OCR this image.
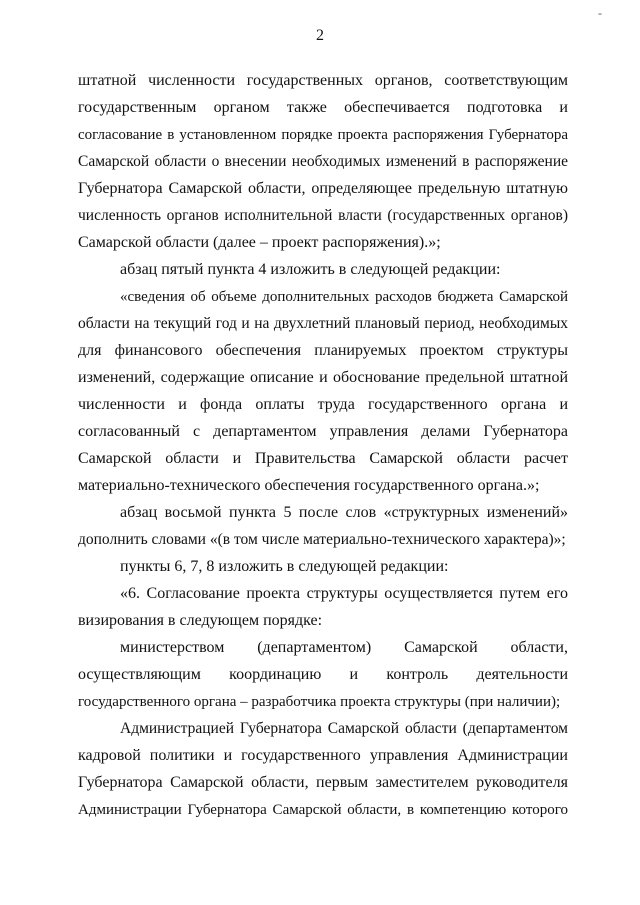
2
-
штатной численности государственных органов, соответствующим
государственным органом также обеспечивается подготовка и
согласование в установленном порядке проекта распоряжения Губернатора
Самарской области о внесении необходимых изменений в распоряжение
Губернатора Самарской области, определяющее предельную штатную
численность органов исполнительной власти (государственных органов)
Самарской области (далее – проект распоряжения).»;
абзац пятый пункта 4 изложить в следующей редакции:
«сведения об объеме дополнительных расходов бюджета Самарской
области на текущий год и на двухлетний плановый период, необходимых
для финансового обеспечения планируемых проектом структуры
изменений, содержащие описание и обоснование предельной штатной
численности и фонда оплаты труда государственного органа и
согласованный с департаментом управления делами Губернатора
Самарской области и Правительства Самарской области расчет
материально-технического обеспечения государственного органа.»;
абзац восьмой пункта 5 после слов «структурных изменений»
дополнить словами «(в том числе материально-технического характера)»;
пункты 6, 7, 8 изложить в следующей редакции:
«6. Согласование проекта структуры осуществляется путем его
визирования в следующем порядке:
министерством (департаментом) Самарской области,
осуществляющим координацию и контроль деятельности
государственного органа – разработчика проекта структуры (при наличии);
Администрацией Губернатора Самарской области (департаментом
кадровой политики и государственного управления Администрации
Губернатора Самарской области, первым заместителем руководителя
Администрации Губернатора Самарской области, в компетенцию которого
